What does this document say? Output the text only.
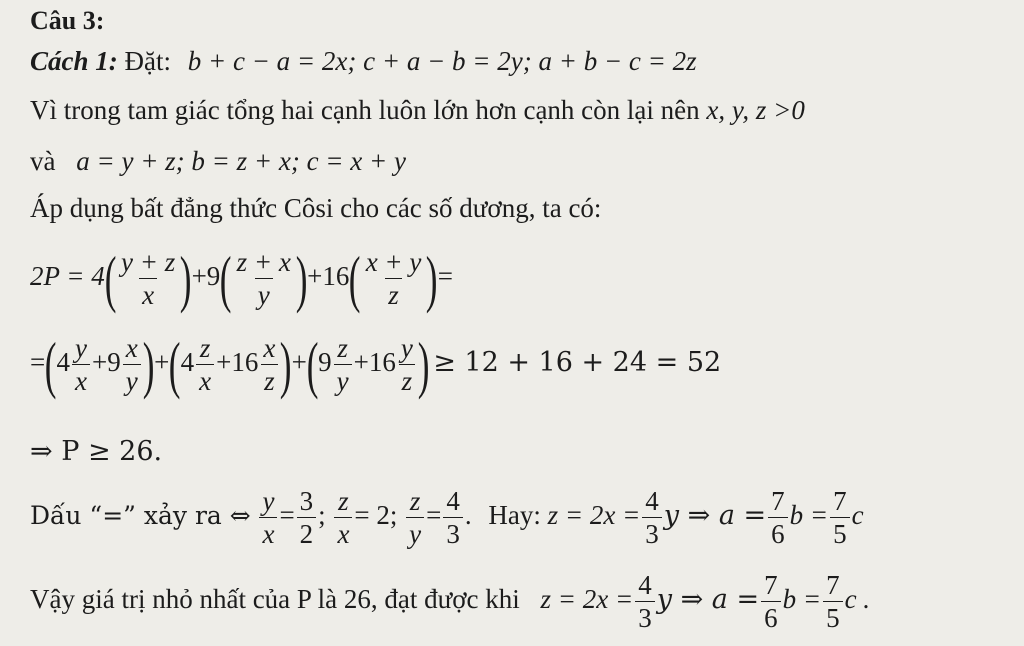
Câu 3:
Cách 1: Đặt: b + c − a = 2x; c + a − b = 2y; a + b − c = 2z
Vì trong tam giác tổng hai cạnh luôn lớn hơn cạnh còn lại nên x, y, z >0
và a = y + z; b = z + x; c = x + y
Áp dụng bất đẳng thức Côsi cho các số dương, ta có:
$2P = 4( \frac{y + z}{x} )+9( \frac{z + x}{y} )+16( \frac{x + y}{z}$ )=
$=(4 \frac{y}{x} +9 \frac{x}{y} )+(4 \frac{z}{x} +16 \frac{x}{z} )+(9 \frac{z}{y} +16 \frac{y}{z}$ ) ≥ 12 + 16 + 24 = 52
⇒ P ≥ 26.
Dấu “=” xảy ra ⇔ $\frac{y}{x} = \frac{3}{2}$ ; $\frac{z}{x} = 2$; $\frac{z}{y} = \frac{4}{3}$ . Hay: $z = 2x = \frac{4}{3}$ y ⇒ $a = \frac{7}{6}$ $b = \frac{7}{5}$ c
Vậy giá trị nhỏ nhất của P là 26, đạt được khi $z = 2x = \frac{4}{3}$ y ⇒ $a = \frac{7}{6}$ $b = \frac{7}{5}$ c .
